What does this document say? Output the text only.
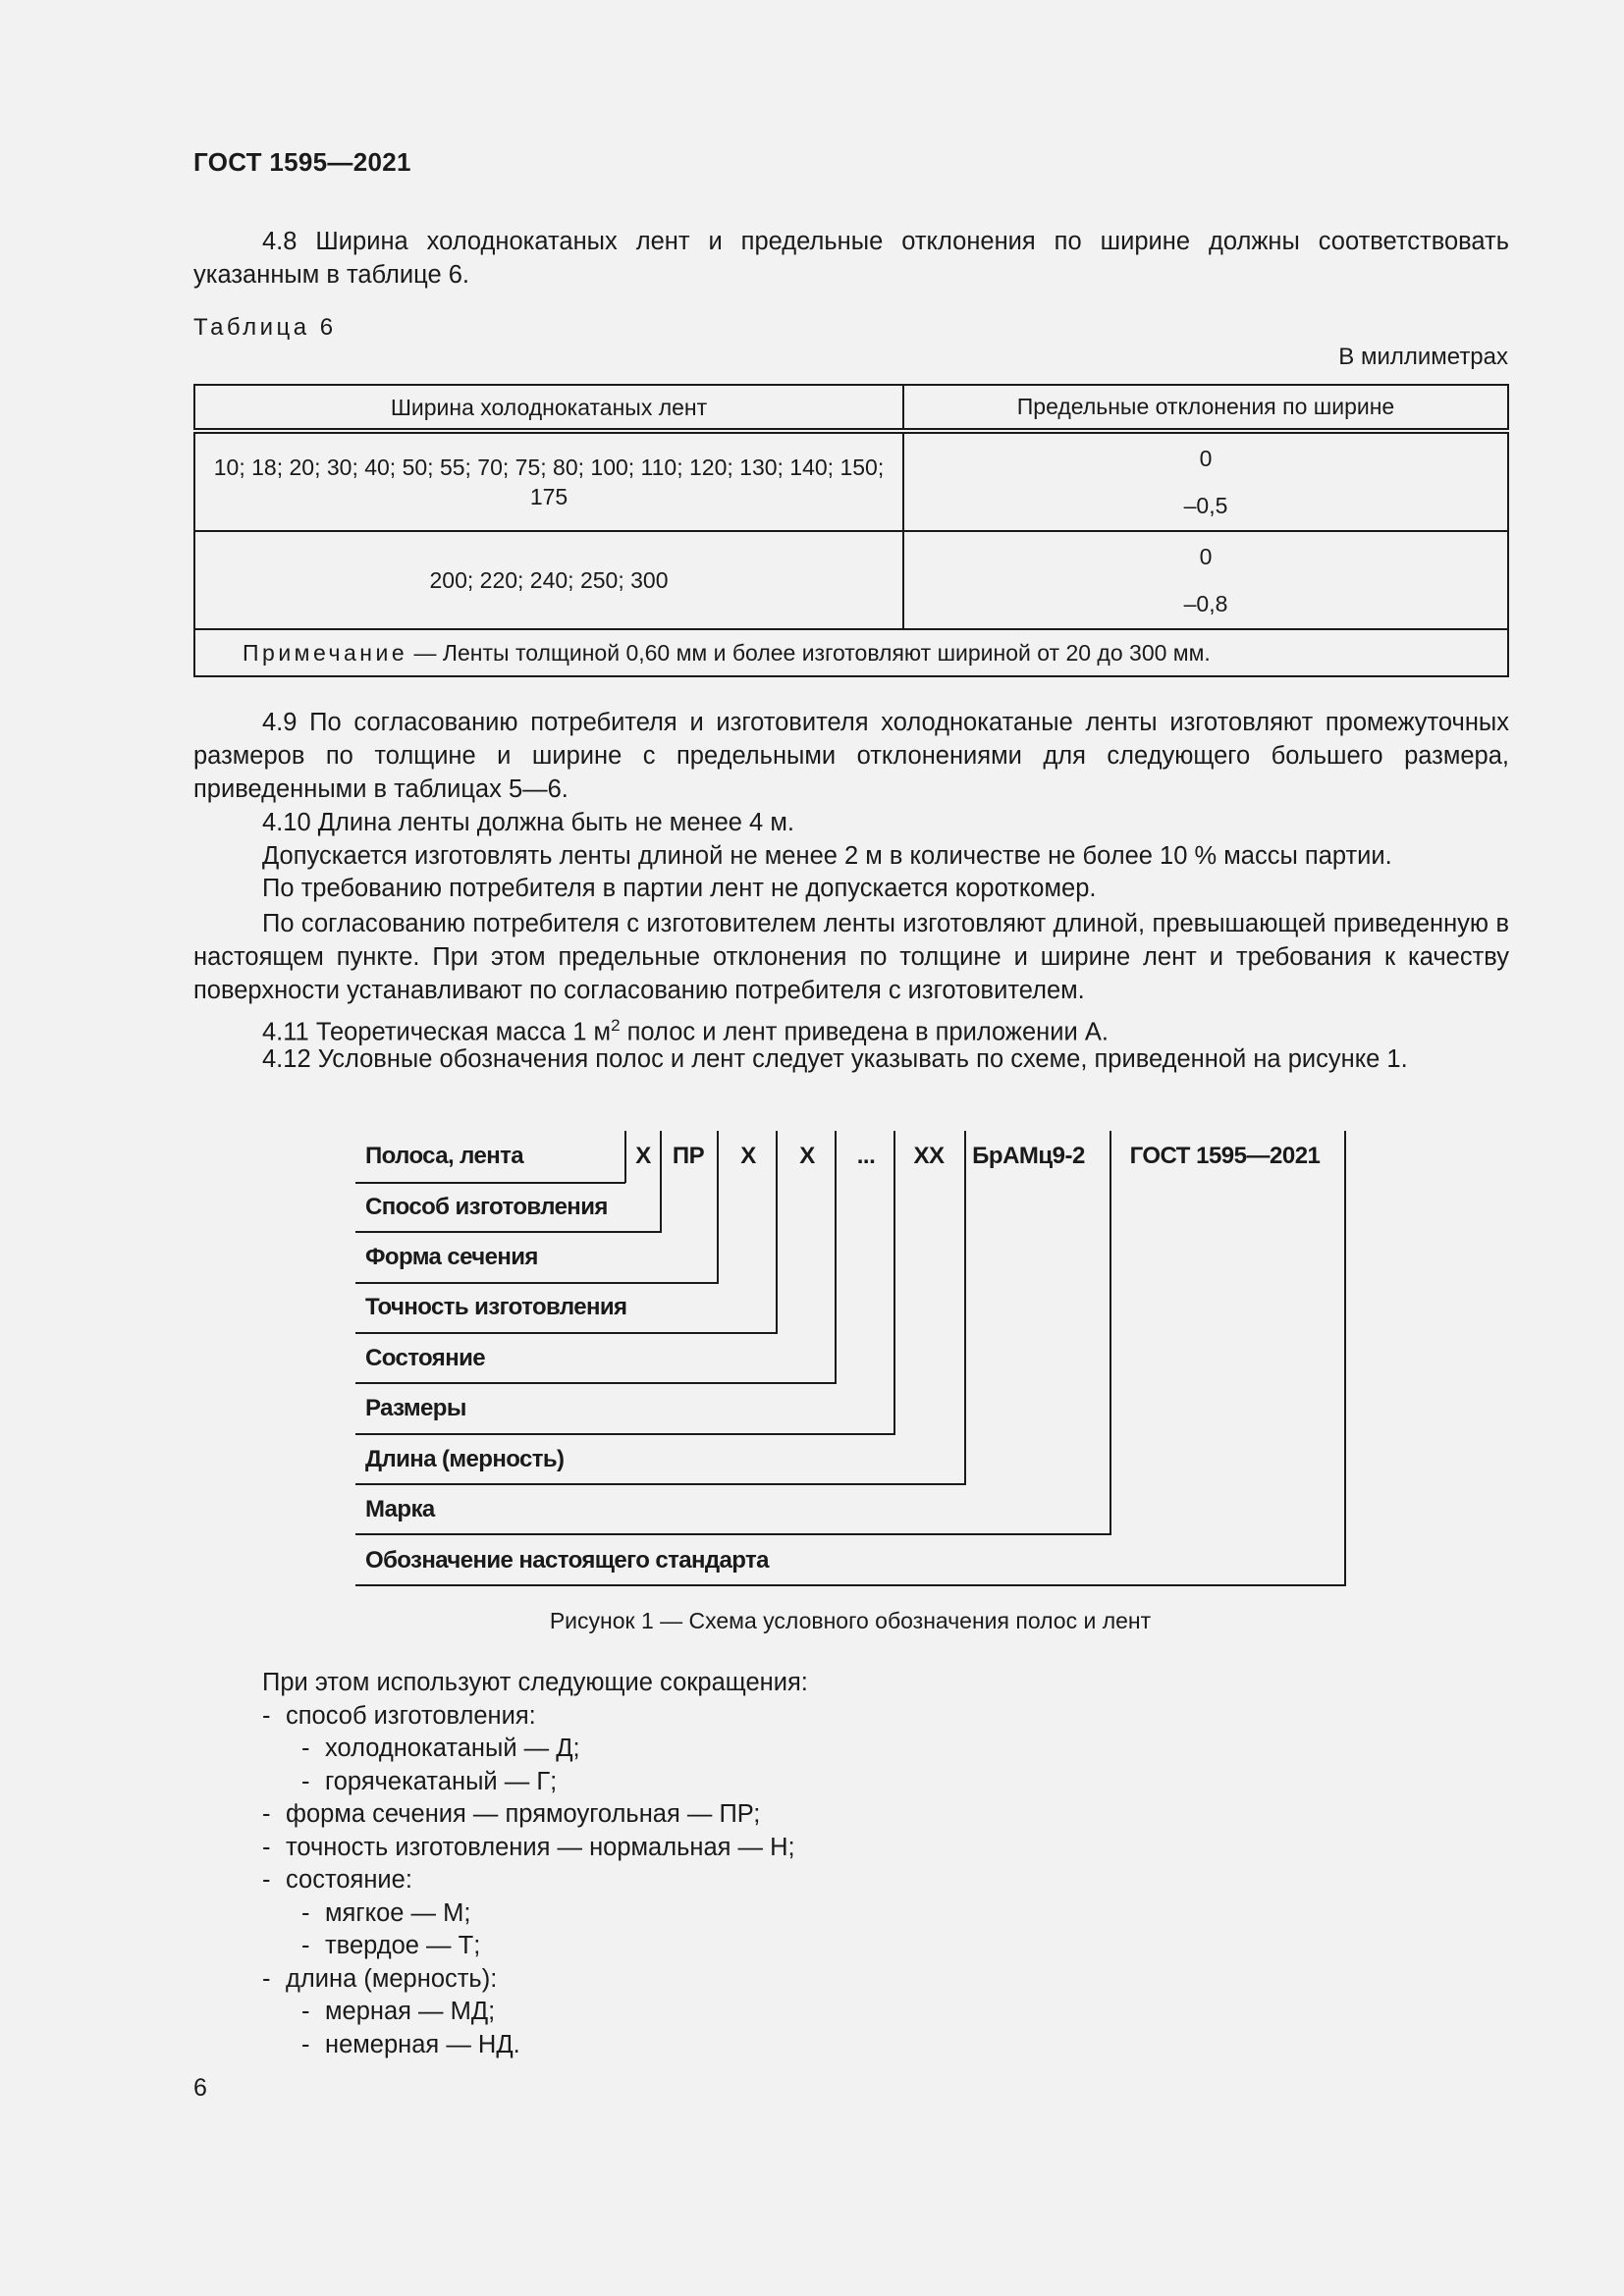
ГОСТ 1595—2021
4.8 Ширина холоднокатаных лент и предельные отклонения по ширине должны соответствовать указанным в таблице 6.
Таблица 6
В миллиметрах
Ширина холоднокатаных лент	Предельные отклонения по ширине

10; 18; 20; 30; 40; 50; 55; 70; 75; 80; 100; 110; 120; 130; 140; 150; 175	0
–0,5

200; 220; 240; 250; 300	0
–0,8

Примечание — Ленты толщиной 0,60 мм и более изготовляют шириной от 20 до 300 мм.	
4.9 По согласованию потребителя и изготовителя холоднокатаные ленты изготовляют промежуточных размеров по толщине и ширине с предельными отклонениями для следующего большего размера, приведенными в таблицах 5—6.
4.10 Длина ленты должна быть не менее 4 м.
Допускается изготовлять ленты длиной не менее 2 м в количестве не более 10 % массы партии.
По требованию потребителя в партии лент не допускается короткомер.
По согласованию потребителя с изготовителем ленты изготовляют длиной, превышающей приведенную в настоящем пункте. При этом предельные отклонения по толщине и ширине лент и требования к качеству поверхности устанавливают по согласованию потребителя с изготовителем.
4.11 Теоретическая масса 1 $м^2$ полос и лент приведена в приложении А.
4.12 Условные обозначения полос и лент следует указывать по схеме, приведенной на рисунке 1.
Полоса, лента	Х ПР	Х	Х	...	ХХ	БрАМц9-2	ГОСТ 1595—2021
Способ изготовления
Форма сечения
Точность изготовления
Состояние
Размеры
Длина (мерность)
Марка
Обозначение настоящего стандарта
Рисунок 1 — Схема условного обозначения полос и лент
При этом используют следующие сокращения:
- способ изготовления:
- холоднокатаный — Д;
- горячекатаный — Г;
- форма сечения — прямоугольная — ПР;
- точность изготовления — нормальная — Н;
- состояние:
- мягкое — М;
- твердое — Т;
- длина (мерность):
- мерная — МД;
- немерная — НД.
6
